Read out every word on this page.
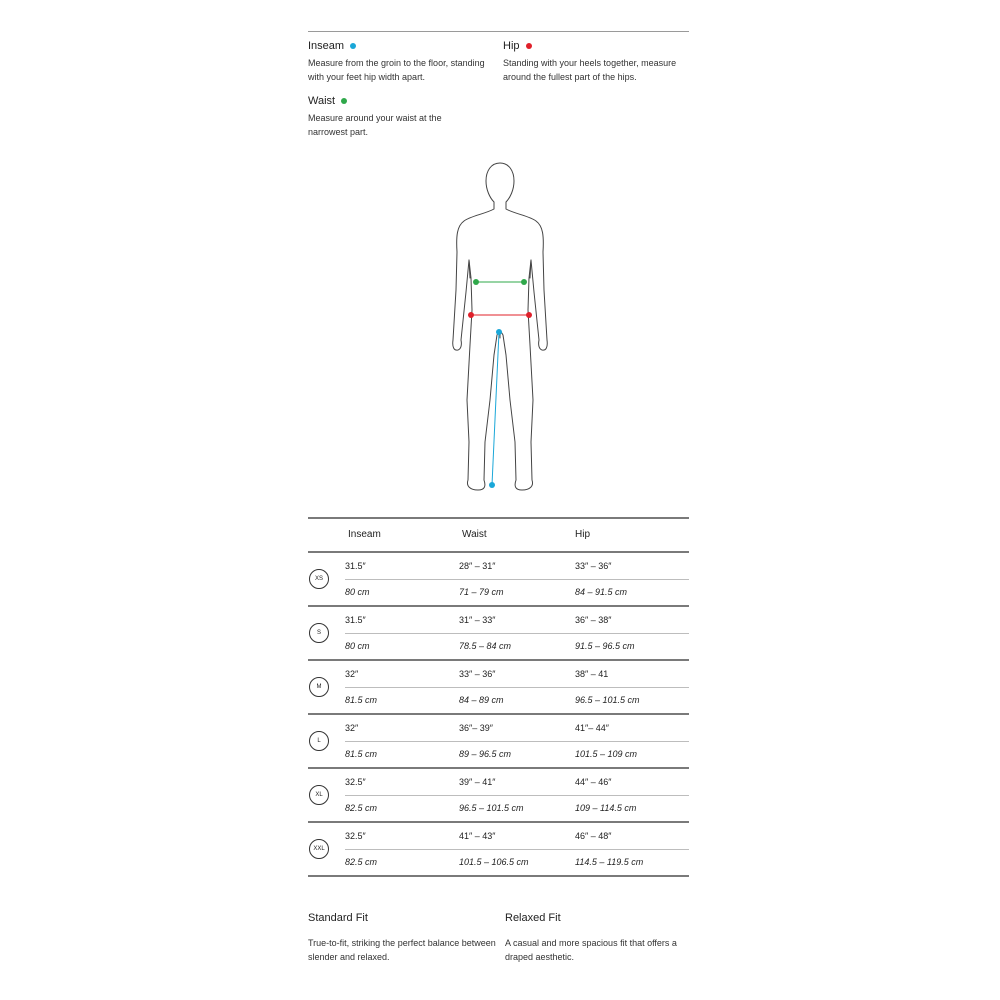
Inseam
Measure from the groin to the floor, standing with your feet hip width apart.
Hip
Standing with your heels together, measure around the fullest part of the hips.
Waist
Measure around your waist at the narrowest part.
Inseam	Waist	Hip
XS
31.5″
80 cm
28″ – 31″
71 – 79 cm
33″ – 36″
84 – 91.5 cm
S
31.5″
80 cm
31″ – 33″
78.5 – 84 cm
36″ – 38″
91.5 – 96.5 cm
M
32″
81.5 cm
33″ – 36″
84 – 89 cm
38″ – 41
96.5 – 101.5 cm
L
32″
81.5 cm
36″– 39″
89 – 96.5 cm
41″– 44″
101.5 – 109 cm
XL
32.5″
82.5 cm
39″ – 41″
96.5 – 101.5 cm
44″ – 46″
109 – 114.5 cm
XXL
32.5″
82.5 cm
41″ – 43″
101.5 – 106.5 cm
46″ – 48″
114.5 – 119.5 cm
Standard Fit
True-to-fit, striking the perfect balance between slender and relaxed.
Relaxed Fit
A casual and more spacious fit that offers a draped aesthetic.
